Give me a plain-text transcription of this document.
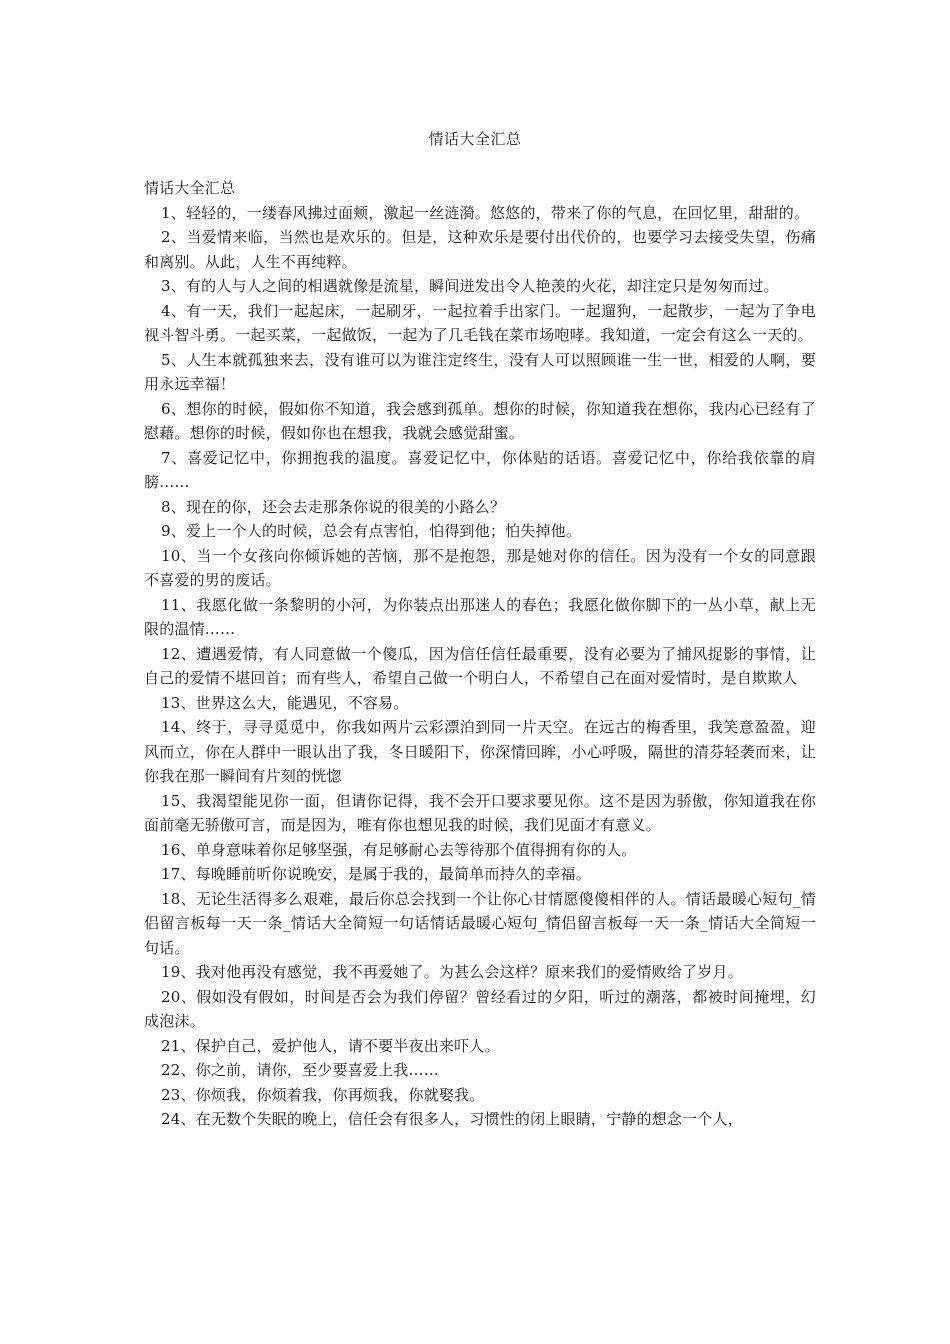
情话大全汇总

情话大全汇总

1、轻轻的，一缕春风拂过面颊，激起一丝涟漪。悠悠的，带来了你的气息，在回忆里，甜甜的。

2、当爱情来临，当然也是欢乐的。但是，这种欢乐是要付出代价的，也要学习去接受失望，伤痛和离别。从此，人生不再纯粹。

3、有的人与人之间的相遇就像是流星，瞬间迸发出令人艳羡的火花，却注定只是匆匆而过。

4、有一天，我们一起起床，一起刷牙，一起拉着手出家门。一起遛狗，一起散步，一起为了争电视斗智斗勇。一起买菜，一起做饭，一起为了几毛钱在菜市场咆哮。我知道，一定会有这么一天的。

5、人生本就孤独来去，没有谁可以为谁注定终生，没有人可以照顾谁一生一世，相爱的人啊，要用永远幸福！

6、想你的时候，假如你不知道，我会感到孤单。想你的时候，你知道我在想你，我内心已经有了慰藉。想你的时候，假如你也在想我，我就会感觉甜蜜。

7、喜爱记忆中，你拥抱我的温度。喜爱记忆中，你体贴的话语。喜爱记忆中，你给我依靠的肩膀……

8、现在的你，还会去走那条你说的很美的小路么？

9、爱上一个人的时候，总会有点害怕，怕得到他；怕失掉他。

10、当一个女孩向你倾诉她的苦恼，那不是抱怨，那是她对你的信任。因为没有一个女的同意跟不喜爱的男的废话。

11、我愿化做一条黎明的小河，为你装点出那迷人的春色；我愿化做你脚下的一丛小草，献上无限的温情……

12、遭遇爱情，有人同意做一个傻瓜，因为信任信任最重要，没有必要为了捕风捉影的事情，让自己的爱情不堪回首；而有些人，希望自己做一个明白人，不希望自己在面对爱情时，是自欺欺人

13、世界这么大，能遇见，不容易。

14、终于，寻寻觅觅中，你我如两片云彩漂泊到同一片天空。在远古的梅香里，我笑意盈盈，迎风而立，你在人群中一眼认出了我，冬日暖阳下，你深情回眸，小心呼吸，隔世的清芬轻袭而来，让你我在那一瞬间有片刻的恍惚

15、我渴望能见你一面，但请你记得，我不会开口要求要见你。这不是因为骄傲，你知道我在你面前毫无骄傲可言，而是因为，唯有你也想见我的时候，我们见面才有意义。

16、单身意味着你足够坚强，有足够耐心去等待那个值得拥有你的人。

17、每晚睡前听你说晚安，是属于我的，最简单而持久的幸福。

18、无论生活得多么艰难，最后你总会找到一个让你心甘情愿傻傻相伴的人。情话最暖心短句_情侣留言板每一天一条_情话大全简短一句话情话最暖心短句_情侣留言板每一天一条_情话大全简短一句话。

19、我对他再没有感觉，我不再爱她了。为甚么会这样？原来我们的爱情败给了岁月。

20、假如没有假如，时间是否会为我们停留？曾经看过的夕阳，听过的潮落，都被时间掩埋，幻成泡沫。

21、保护自己，爱护他人，请不要半夜出来吓人。

22、你之前，请你，至少要喜爱上我……

23、你烦我，你烦着我，你再烦我，你就娶我。

24、在无数个失眠的晚上，信任会有很多人，习惯性的闭上眼睛，宁静的想念一个人，
